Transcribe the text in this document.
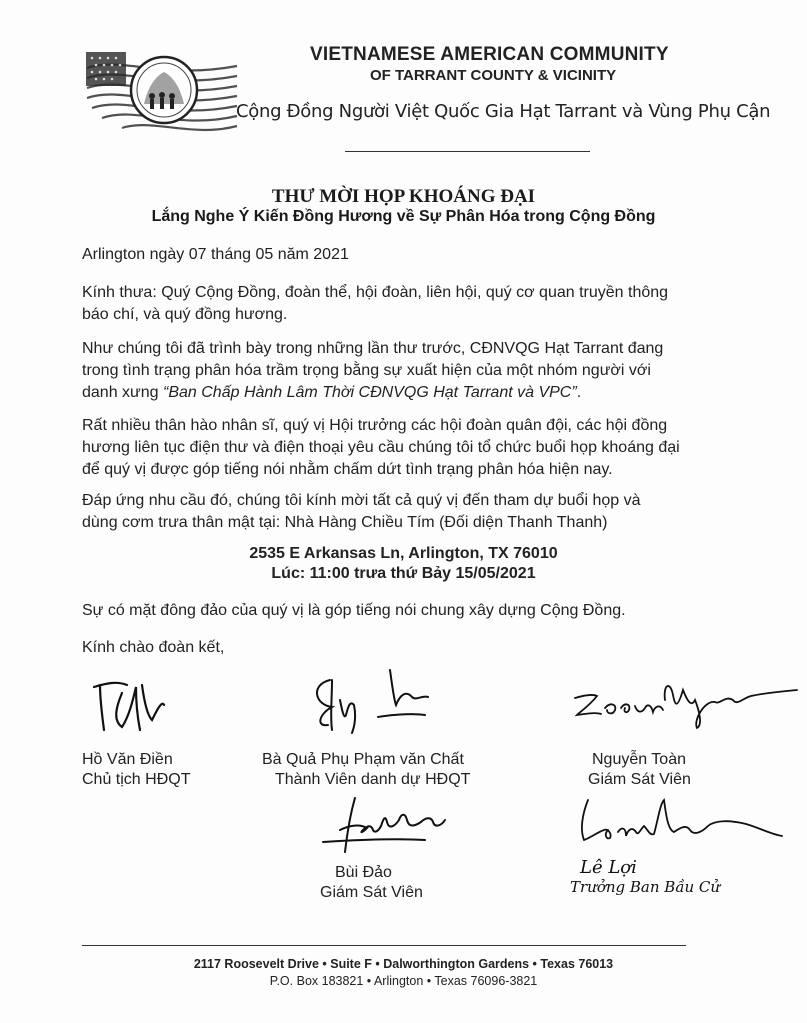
VIETNAMESE AMERICAN COMMUNITY
OF TARRANT COUNTY & VICINITY
Cộng Đồng Người Việt Quốc Gia Hạt Tarrant và Vùng Phụ Cận
THƯ MỜI HỌP KHOÁNG ĐẠI
Lắng Nghe Ý Kiến Đồng Hương về Sự Phân Hóa trong Cộng Đồng
Arlington ngày 07 tháng 05 năm 2021
Kính thưa: Quý Cộng Đồng, đoàn thể, hội đoàn, liên hội, quý cơ quan truyền thông
báo chí, và quý đồng hương.
Như chúng tôi đã trình bày trong những lần thư trước, CĐNVQG Hạt Tarrant đang
trong tình trạng phân hóa trầm trọng bằng sự xuất hiện của một nhóm người với
danh xưng “Ban Chấp Hành Lâm Thời CĐNVQG Hạt Tarrant và VPC”.
Rất nhiều thân hào nhân sĩ, quý vị Hội trưởng các hội đoàn quân đội, các hội đồng
hương liên tục điện thư và điện thoại yêu cầu chúng tôi tổ chức buổi họp khoáng đại
để quý vị được góp tiếng nói nhằm chấm dứt tình trạng phân hóa hiện nay.
Đáp ứng nhu cầu đó, chúng tôi kính mời tất cả quý vị đến tham dự buổi họp và
dùng cơm trưa thân mật tại: Nhà Hàng Chiều Tím (Đối diện Thanh Thanh)
2535 E Arkansas Ln, Arlington, TX 76010
Lúc: 11:00 trưa thứ Bảy 15/05/2021
Sự có mặt đông đảo của quý vị là góp tiếng nói chung xây dựng Cộng Đồng.
Kính chào đoàn kết,
Hồ Văn Điền
Chủ tịch HĐQT
Bà Quả Phụ Phạm văn Chất
Thành Viên danh dự HĐQT
Nguyễn Toàn
Giám Sát Viên
Bùi Đảo
Giám Sát Viên
Lê Lợi
Trưởng Ban Bầu Cử
2117 Roosevelt Drive • Suite F • Dalworthington Gardens • Texas 76013
P.O. Box 183821 • Arlington • Texas 76096-3821
